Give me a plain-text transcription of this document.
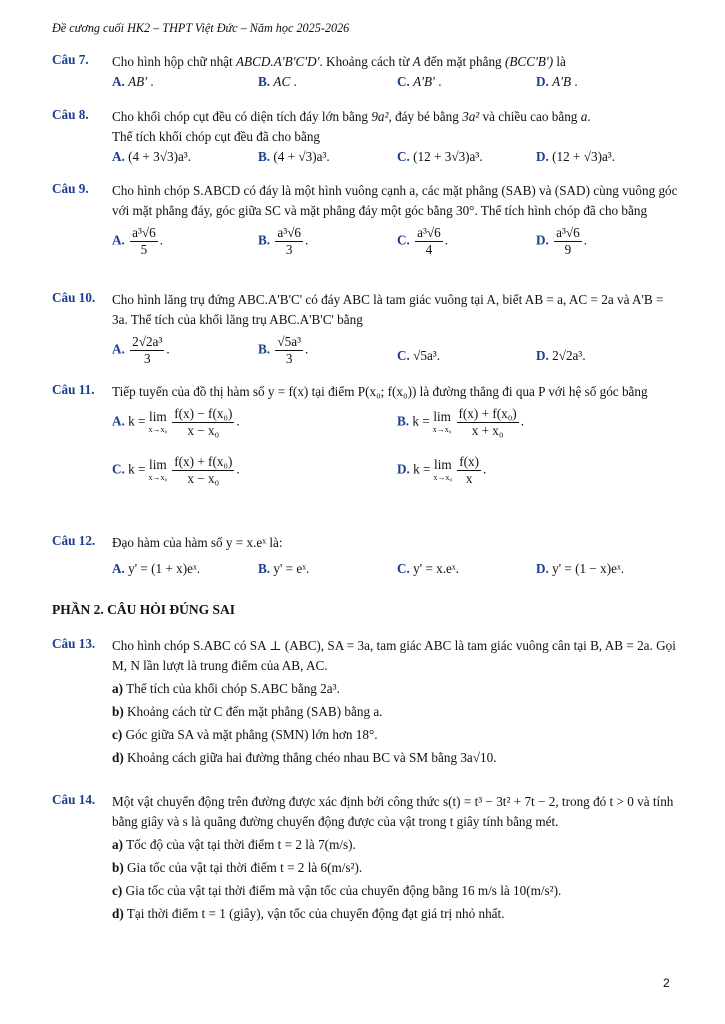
Đề cương cuối HK2 – THPT Việt Đức – Năm học 2025-2026
Câu 7. Cho hình hộp chữ nhật ABCD.A'B'C'D'. Khoảng cách từ A đến mặt phẳng (BCC'B') là
A. AB' .	B. AC .	C. A'B' .	D. A'B .
Câu 8. Cho khối chóp cụt đều có diện tích đáy lớn bằng 9a², đáy bé bằng 3a² và chiều cao bằng a.
Thể tích khối chóp cụt đều đã cho bằng
A. (4 + 3√3)a³.	B. (4 + √3)a³.	C. (12 + 3√3)a³.	D. (12 + √3)a³.
Câu 9. Cho hình chóp S.ABCD có đáy là một hình vuông cạnh a, các mặt phẳng (SAB) và (SAD) cùng vuông góc với mặt phẳng đáy, góc giữa SC và mặt phẳng đáy một góc bằng 30°. Thể tích hình chóp đã cho bằng
A. $\frac{\text{a³√6}}{5}$ .	B. $\frac{\text{a³√6}}{3}$ .	C. $\frac{\text{a³√6}}{4}$ .	D. $\frac{\text{a³√6}}{9}$ .
Câu 10. Cho hình lăng trụ đứng ABC.A'B'C' có đáy ABC là tam giác vuông tại A, biết AB = a, AC = 2a và A'B = 3a. Thể tích của khối lăng trụ ABC.A'B'C' bằng
A. $\frac{\text{2√2a³}}{3}$ .	B. $\frac{\text{√5a³}}{3}$ .	C. √5a³.	D. 2√2a³.
Câu 11. Tiếp tuyến của đồ thị hàm số y = f(x) tại điểm P(x₀; f(x₀)) là đường thẳng đi qua P với hệ số góc bằng
A. k = lim
$x\to x_0 \frac{\text{f(x) − f(x₀)}}{\text{x − x₀}}$ .	B. k = lim
$x\to x_0 \frac{\text{f(x) + f(x₀)}}{\text{x + x₀}}$ .
C. k = lim
$x\to x_0 \frac{\text{f(x) + f(x₀)}}{\text{x − x₀}}$ .	D. k = lim
$x\to x_0 \frac{f(x)}{x}$ .
Câu 12. Đạo hàm của hàm số y = x.eˣ là:
A. y' = (1 + x)eˣ.	B. y' = eˣ.	C. y' = x.eˣ.	D. y' = (1 − x)eˣ.
PHẦN 2. CÂU HỎI ĐÚNG SAI
Câu 13. Cho hình chóp S.ABC có SA ⊥ (ABC), SA = 3a, tam giác ABC là tam giác vuông cân tại B, AB = 2a. Gọi M, N lần lượt là trung điểm của AB, AC.
a) Thể tích của khối chóp S.ABC bằng 2a³.
b) Khoảng cách từ C đến mặt phẳng (SAB) bằng a.
c) Góc giữa SA và mặt phẳng (SMN) lớn hơn 18°.
d) Khoảng cách giữa hai đường thẳng chéo nhau BC và SM bằng 3a√10.
Câu 14. Một vật chuyển động trên đường được xác định bởi công thức s(t) = t³ − 3t² + 7t − 2, trong đó t > 0 và tính bằng giây và s là quãng đường chuyển động được của vật trong t giây tính bằng mét.
a) Tốc độ của vật tại thời điểm t = 2 là 7(m/s).
b) Gia tốc của vật tại thời điểm t = 2 là 6(m/s²).
c) Gia tốc của vật tại thời điểm mà vận tốc của chuyển động bằng 16 m/s là 10(m/s²).
d) Tại thời điểm t = 1 (giây), vận tốc của chuyển động đạt giá trị nhỏ nhất.
2
